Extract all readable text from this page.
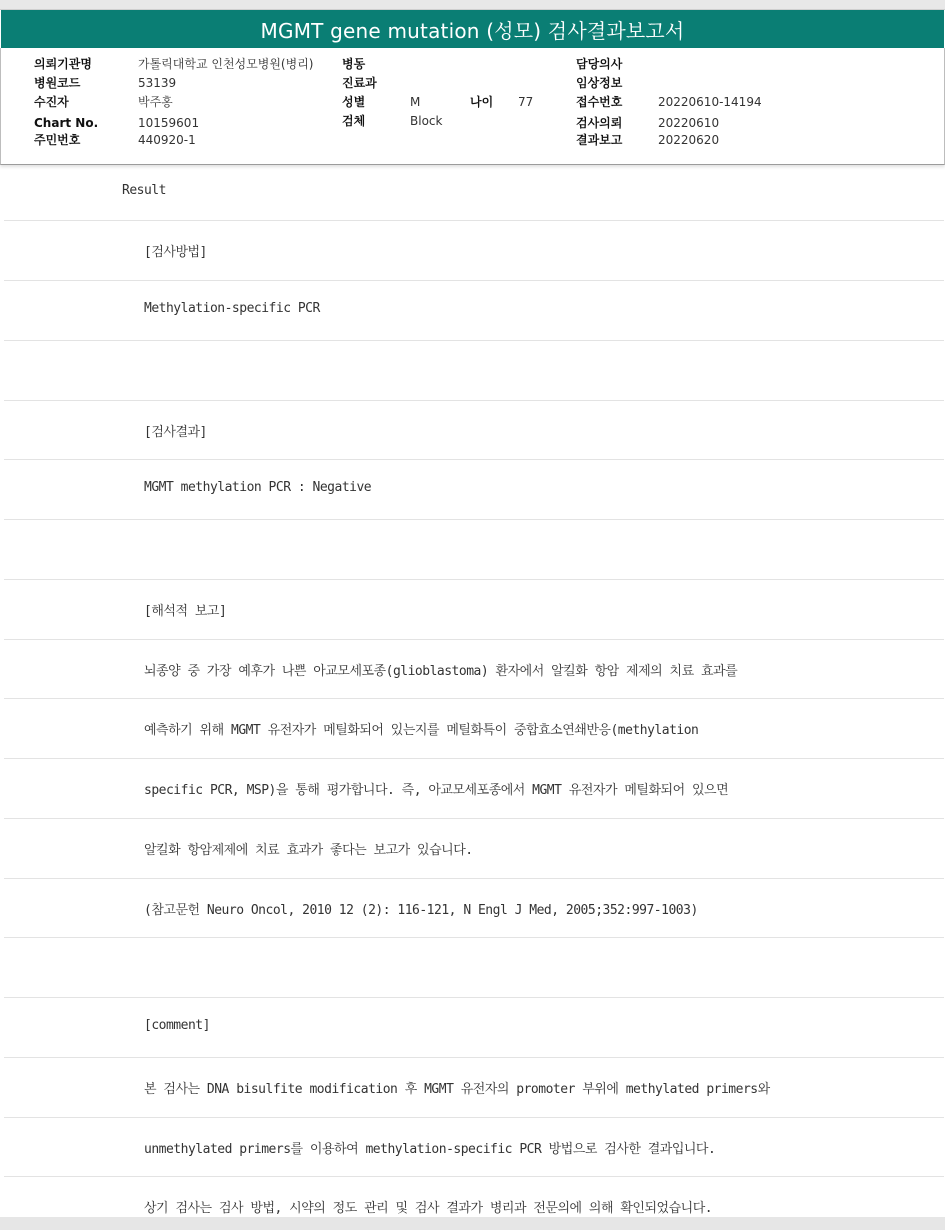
MGMT gene mutation (성모) 검사결과보고서
의뢰기관명	가톨릭대학교 인천성모병원(병리)
병원코드	53139
수진자	박주홍
Chart No.	10159601
주민번호	440920-1
병동
진료과
성별	M	나이 77
검체	Block
담당의사
임상정보
접수번호	20220610-14194
검사의뢰	20220610
결과보고	20220620
Result
[검사방법]
Methylation-specific PCR
[검사결과]
MGMT methylation PCR : Negative
[해석적 보고]
뇌종양 중 가장 예후가 나쁜 아교모세포종(glioblastoma) 환자에서 알킬화 항암 제제의 치료 효과를
예측하기 위해 MGMT 유전자가 메틸화되어 있는지를 메틸화특이 중합효소연쇄반응(methylation
specific PCR, MSP)을 통해 평가합니다. 즉, 아교모세포종에서 MGMT 유전자가 메틸화되어 있으면
알킬화 항암제제에 치료 효과가 좋다는 보고가 있습니다.
(참고문헌 Neuro Oncol, 2010 12 (2): 116-121, N Engl J Med, 2005;352:997-1003)
[comment]
본 검사는 DNA bisulfite modification 후 MGMT 유전자의 promoter 부위에 methylated primers와
unmethylated primers를 이용하여 methylation-specific PCR 방법으로 검사한 결과입니다.
상기 검사는 검사 방법, 시약의 정도 관리 및 검사 결과가 병리과 전문의에 의해 확인되었습니다.
